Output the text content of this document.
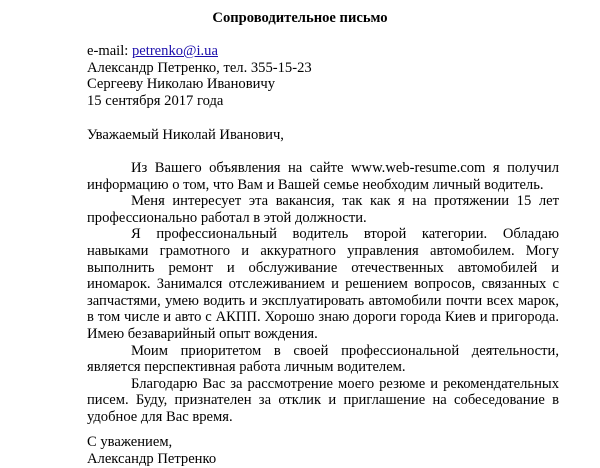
Сопроводительное письмо
e-mail: petrenko@i.ua
Александр Петренко, тел. 355-15-23
Сергееву Николаю Ивановичу
15 сентября 2017 года

Уважаемый Николай Иванович,

Из Вашего объявления на сайте www.web-resume.com я получил информацию о том, что Вам и Вашей семье необходим личный водитель.

Меня интересует эта вакансия, так как я на протяжении 15 лет профессионально работал в этой должности.

Я профессиональный водитель второй категории. Обладаю навыками грамотного и аккуратного управления автомобилем. Могу выполнить ремонт и обслуживание отечественных автомобилей и иномарок. Занимался отслеживанием и решением вопросов, связанных с запчастями, умею водить и эксплуатировать автомобили почти всех марок, в том числе и авто с АКПП. Хорошо знаю дороги города Киев и пригорода. Имею безаварийный опыт вождения.

Моим приоритетом в своей профессиональной деятельности, является перспективная работа личным водителем.

Благодарю Вас за рассмотрение моего резюме и рекомендательных писем. Буду, признателен за отклик и приглашение на собеседование в удобное для Вас время.

С уважением,
Александр Петренко
